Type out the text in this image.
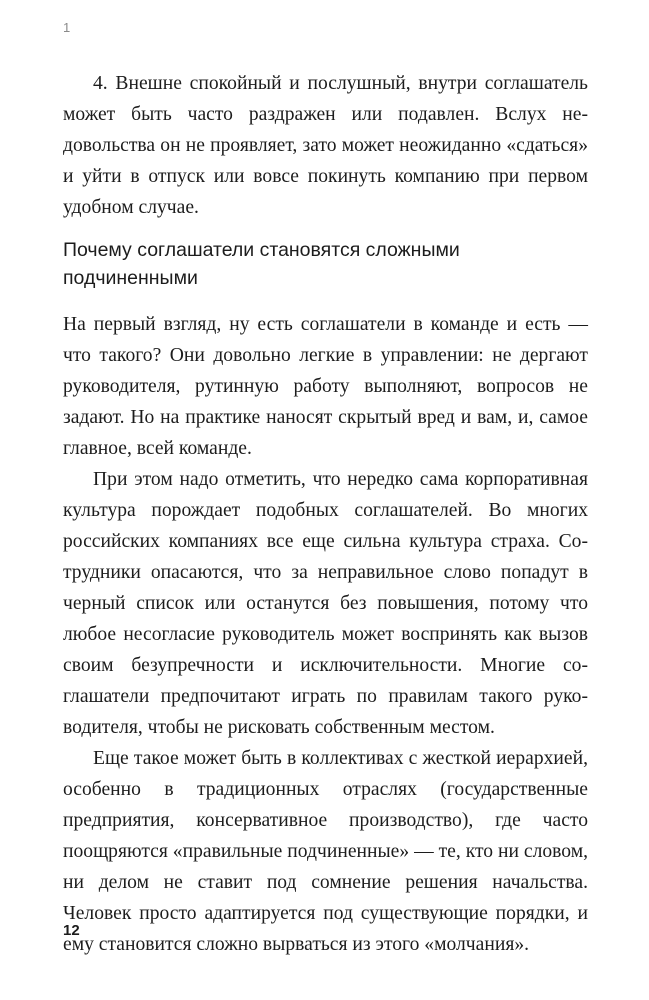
1

4. Внешне спокойный и послушный, внутри соглашатель может быть часто раздражен или подавлен. Вслух недовольства он не проявляет, зато может неожиданно «сдаться» и уйти в отпуск или вовсе покинуть компанию при первом удобном случае.

Почему соглашатели становятся сложными подчиненными

На первый взгляд, ну есть соглашатели в команде и есть — что такого? Они довольно легкие в управлении: не дергают руководителя, рутинную работу выполняют, вопросов не задают. Но на практике наносят скрытый вред и вам, и, самое главное, всей команде.

При этом надо отметить, что нередко сама корпоративная культура порождает подобных соглашателей. Во многих российских компаниях все еще сильна культура страха. Сотрудники опасаются, что за неправильное слово попадут в черный список или останутся без повышения, потому что любое несогласие руководитель может воспринять как вызов своим безупречности и исключительности. Многие соглашатели предпочитают играть по правилам такого руководителя, чтобы не рисковать собственным местом.

Еще такое может быть в коллективах с жесткой иерархией, особенно в традиционных отраслях (государственные предприятия, консервативное производство), где часто поощряются «правильные подчиненные» — те, кто ни словом, ни делом не ставит под сомнение решения начальства. Человек просто адаптируется под существующие порядки, и ему становится сложно вырваться из этого «молчания».

12
